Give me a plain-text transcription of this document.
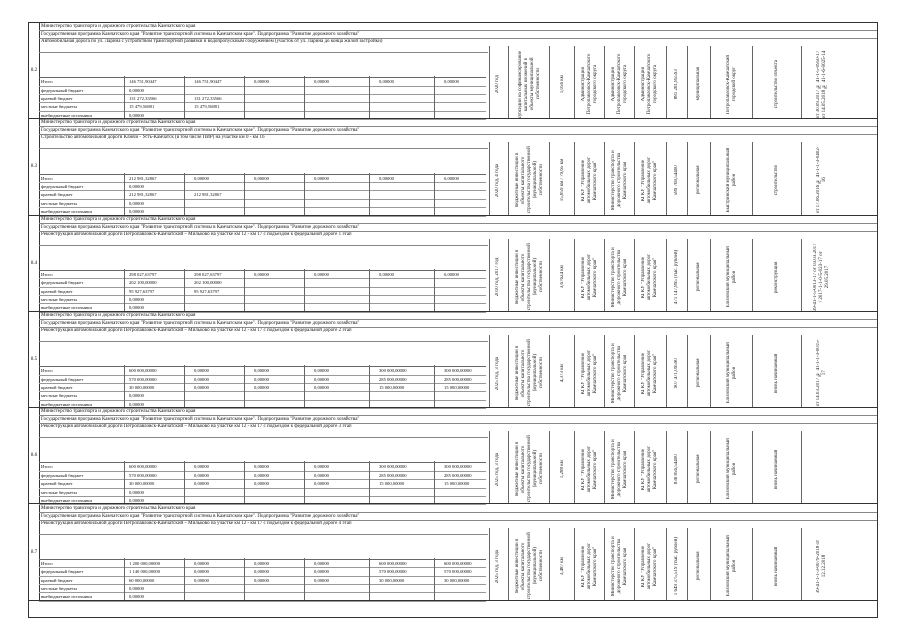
8.2
Министерство транспорта и дорожного строительства Камчатского края
Государственная программа Камчатского края "Развитие транспортной системы в Камчатском крае". Подпрограмма "Развитие дорожного хозяйства"
Автомобильная дорога по ул. Ларина с устройством транспортной развязки и водопропускным сооружением (участок от ул. Ларина до конца жилой застройки)
Итого	146 751,90447	146 751,90447	0,00000	0,00000	0,00000	0,00000
федеральный бюджет	0,00000
краевой бюджет	131 272,33566	131 272,33566
местные бюджеты	15 479,56881	15 479,56881
внебюджетные источники	0,00000
2020 год	субсидии на софинансирование капитальных вложений в объекты муниципальной собственности	1,056 км	Администрация Петропавловск-Камчатского городского округа	Администрация Петропавловск-Камчатского городского округа	Администрация Петропавловск-Камчатского городского округа	881 281,85593	муниципальная	Петропавловск-Камчатский городской округ	строительство объекта	от 30.09.2017 № 41-1-5-0950-17 от 14.05.2018 № 41-1-6-0025-14
8.3
Министерство транспорта и дорожного строительства Камчатского края
Государственная программа Камчатского края "Развитие транспортной системы в Камчатском крае". Подпрограмма "Развитие дорожного хозяйства"
Строительство автомобильной дороги Ключи - Усть-Камчатск (в том числе ПИР) на участке км 0 - км 16
Итого	212 981,32867	0,00000	0,00000	0,00000	0,00000	0,00000
федеральный бюджет	0,00000
краевой бюджет	212 981,32867	212 981,32867
местные бюджеты	0,00000
внебюджетные источники	0,00000
2020 год, 4 года	бюджетные инвестиции в объекты капитального строительства государственной (муниципальной) собственности	15,859 км / 79,65 км	КГКУ "Управление автомобильных дорог Камчатского края"	Министерство транспорта и дорожного строительства Камчатского края	КГКУ "Управление автомобильных дорог Камчатского края"	589 769,54400	региональная	Быстринский муниципальный район	строительство	от 17.06.2016 № 41-1-1-3-0402-16
8.4
Министерство транспорта и дорожного строительства Камчатского края
Государственная программа Камчатского края "Развитие транспортной системы в Камчатском крае". Подпрограмма "Развитие дорожного хозяйства"
Реконструкция автомобильной дороги Петропавловск-Камчатский – Мильково на участке км 12 - км 17 с подъездом к федеральной дороге 1 этап
Итого	298 027,63797	298 027,63797	0,00000	0,00000	0,00000	0,00000
федеральный бюджет	202 100,00000	202 100,00000
краевой бюджет	95 927,63797	95 927,63797
местные бюджеты	0,00000
внебюджетные источники	0,00000
2010 год, 2017 год	бюджетные инвестиции в объекты капитального строительства государственной (муниципальной) собственности	3,67624 км	КГКУ "Управление автомобильных дорог Камчатского края"	Министерство транспорта и дорожного строительства Камчатского края	КГКУ "Управление автомобильных дорог Камчатского края"	471 147,895 (тыс. рублей)	региональная	Елизовский муниципальный район	реконструкция	39-41-1-5-0013-17 от 03.03.2017 / 2017-1-1-0-5-023-17 от 29.05.2017
8.5
Министерство транспорта и дорожного строительства Камчатского края
Государственная программа Камчатского края "Развитие транспортной системы в Камчатском крае". Подпрограмма "Развитие дорожного хозяйства"
Реконструкция автомобильной дороги Петропавловск-Камчатский – Мильково на участке км 12 - км 17 с подъездом к федеральной дороге 2 этап
Итого	600 000,00000	0,00000	0,00000	0,00000	300 000,00000	300 000,00000
федеральный бюджет	570 000,00000	0,00000	0,00000	0,00000	285 000,00000	285 000,00000
краевой бюджет	30 000,00000	0,00000	0,00000	0,00000	15 000,00000	15 000,00000
местные бюджеты	0,00000
внебюджетные источники	0,00000
2025 год, 3 года	бюджетные инвестиции в объекты капитального строительства государственной (муниципальной) собственности	4,373 км	КГКУ "Управление автомобильных дорог Камчатского края"	Министерство транспорта и дорожного строительства Камчатского края	КГКУ "Управление автомобильных дорог Камчатского края"	907 471,09590	региональная	Елизовский муниципальный район	вновь начинаемый	от 14.03.2017 № 41-1-1-3-0015-17
8.6
Министерство транспорта и дорожного строительства Камчатского края
Государственная программа Камчатского края "Развитие транспортной системы в Камчатском крае". Подпрограмма "Развитие дорожного хозяйства"
Реконструкция автомобильной дороги Петропавловск-Камчатский – Мильково на участке км 12 - км 17 с подъездом к федеральной дороге 3 этап
Итого	600 000,00000	0,00000	0,00000	0,00000	300 000,00000	300 000,00000
федеральный бюджет	570 000,00000	0,00000	0,00000	0,00000	285 000,00000	285 000,00000
краевой бюджет	30 000,00000	0,00000	0,00000	0,00000	15 000,00000	15 000,00000
местные бюджеты	0,00000
внебюджетные источники	0,00000
2025 год, 3 года	бюджетные инвестиции в объекты капитального строительства государственной (муниципальной) собственности	1,288 км	КГКУ "Управление автомобильных дорог Камчатского края"	Министерство транспорта и дорожного строительства Камчатского края	КГКУ "Управление автомобильных дорог Камчатского края"	836 856,54400	региональная	Елизовский муниципальный район	вновь начинаемый
8.7
Министерство транспорта и дорожного строительства Камчатского края
Государственная программа Камчатского края "Развитие транспортной системы в Камчатском крае". Подпрограмма "Развитие дорожного хозяйства"
Реконструкция автомобильной дороги Петропавловск-Камчатский – Мильково на участке км 12 - км 17 с подъездом к федеральной дороге 4 этап
Итого	1 200 000,00000	0,00000	0,00000	0,00000	600 000,00000	600 000,00000
федеральный бюджет	1 140 000,00000	0,00000	0,00000	0,00000	570 000,00000	570 000,00000
краевой бюджет	60 000,00000	0,00000	0,00000	0,00000	30 000,00000	30 000,00000
местные бюджеты	0,00000
внебюджетные источники	0,00000
2025 год, 3 года	бюджетные инвестиции в объекты капитального строительства государственной (муниципальной) собственности	3,487 км	КГКУ "Управление автомобильных дорог Камчатского края"	Министерство транспорта и дорожного строительства Камчатского края	КГКУ "Управление автомобильных дорог Камчатского края"	1 649 375,519 (тыс. рублей)	региональная	Елизовский муниципальный район	вновь начинаемый	39-41-1-1-3-0079-2018 от 12.12.2018
